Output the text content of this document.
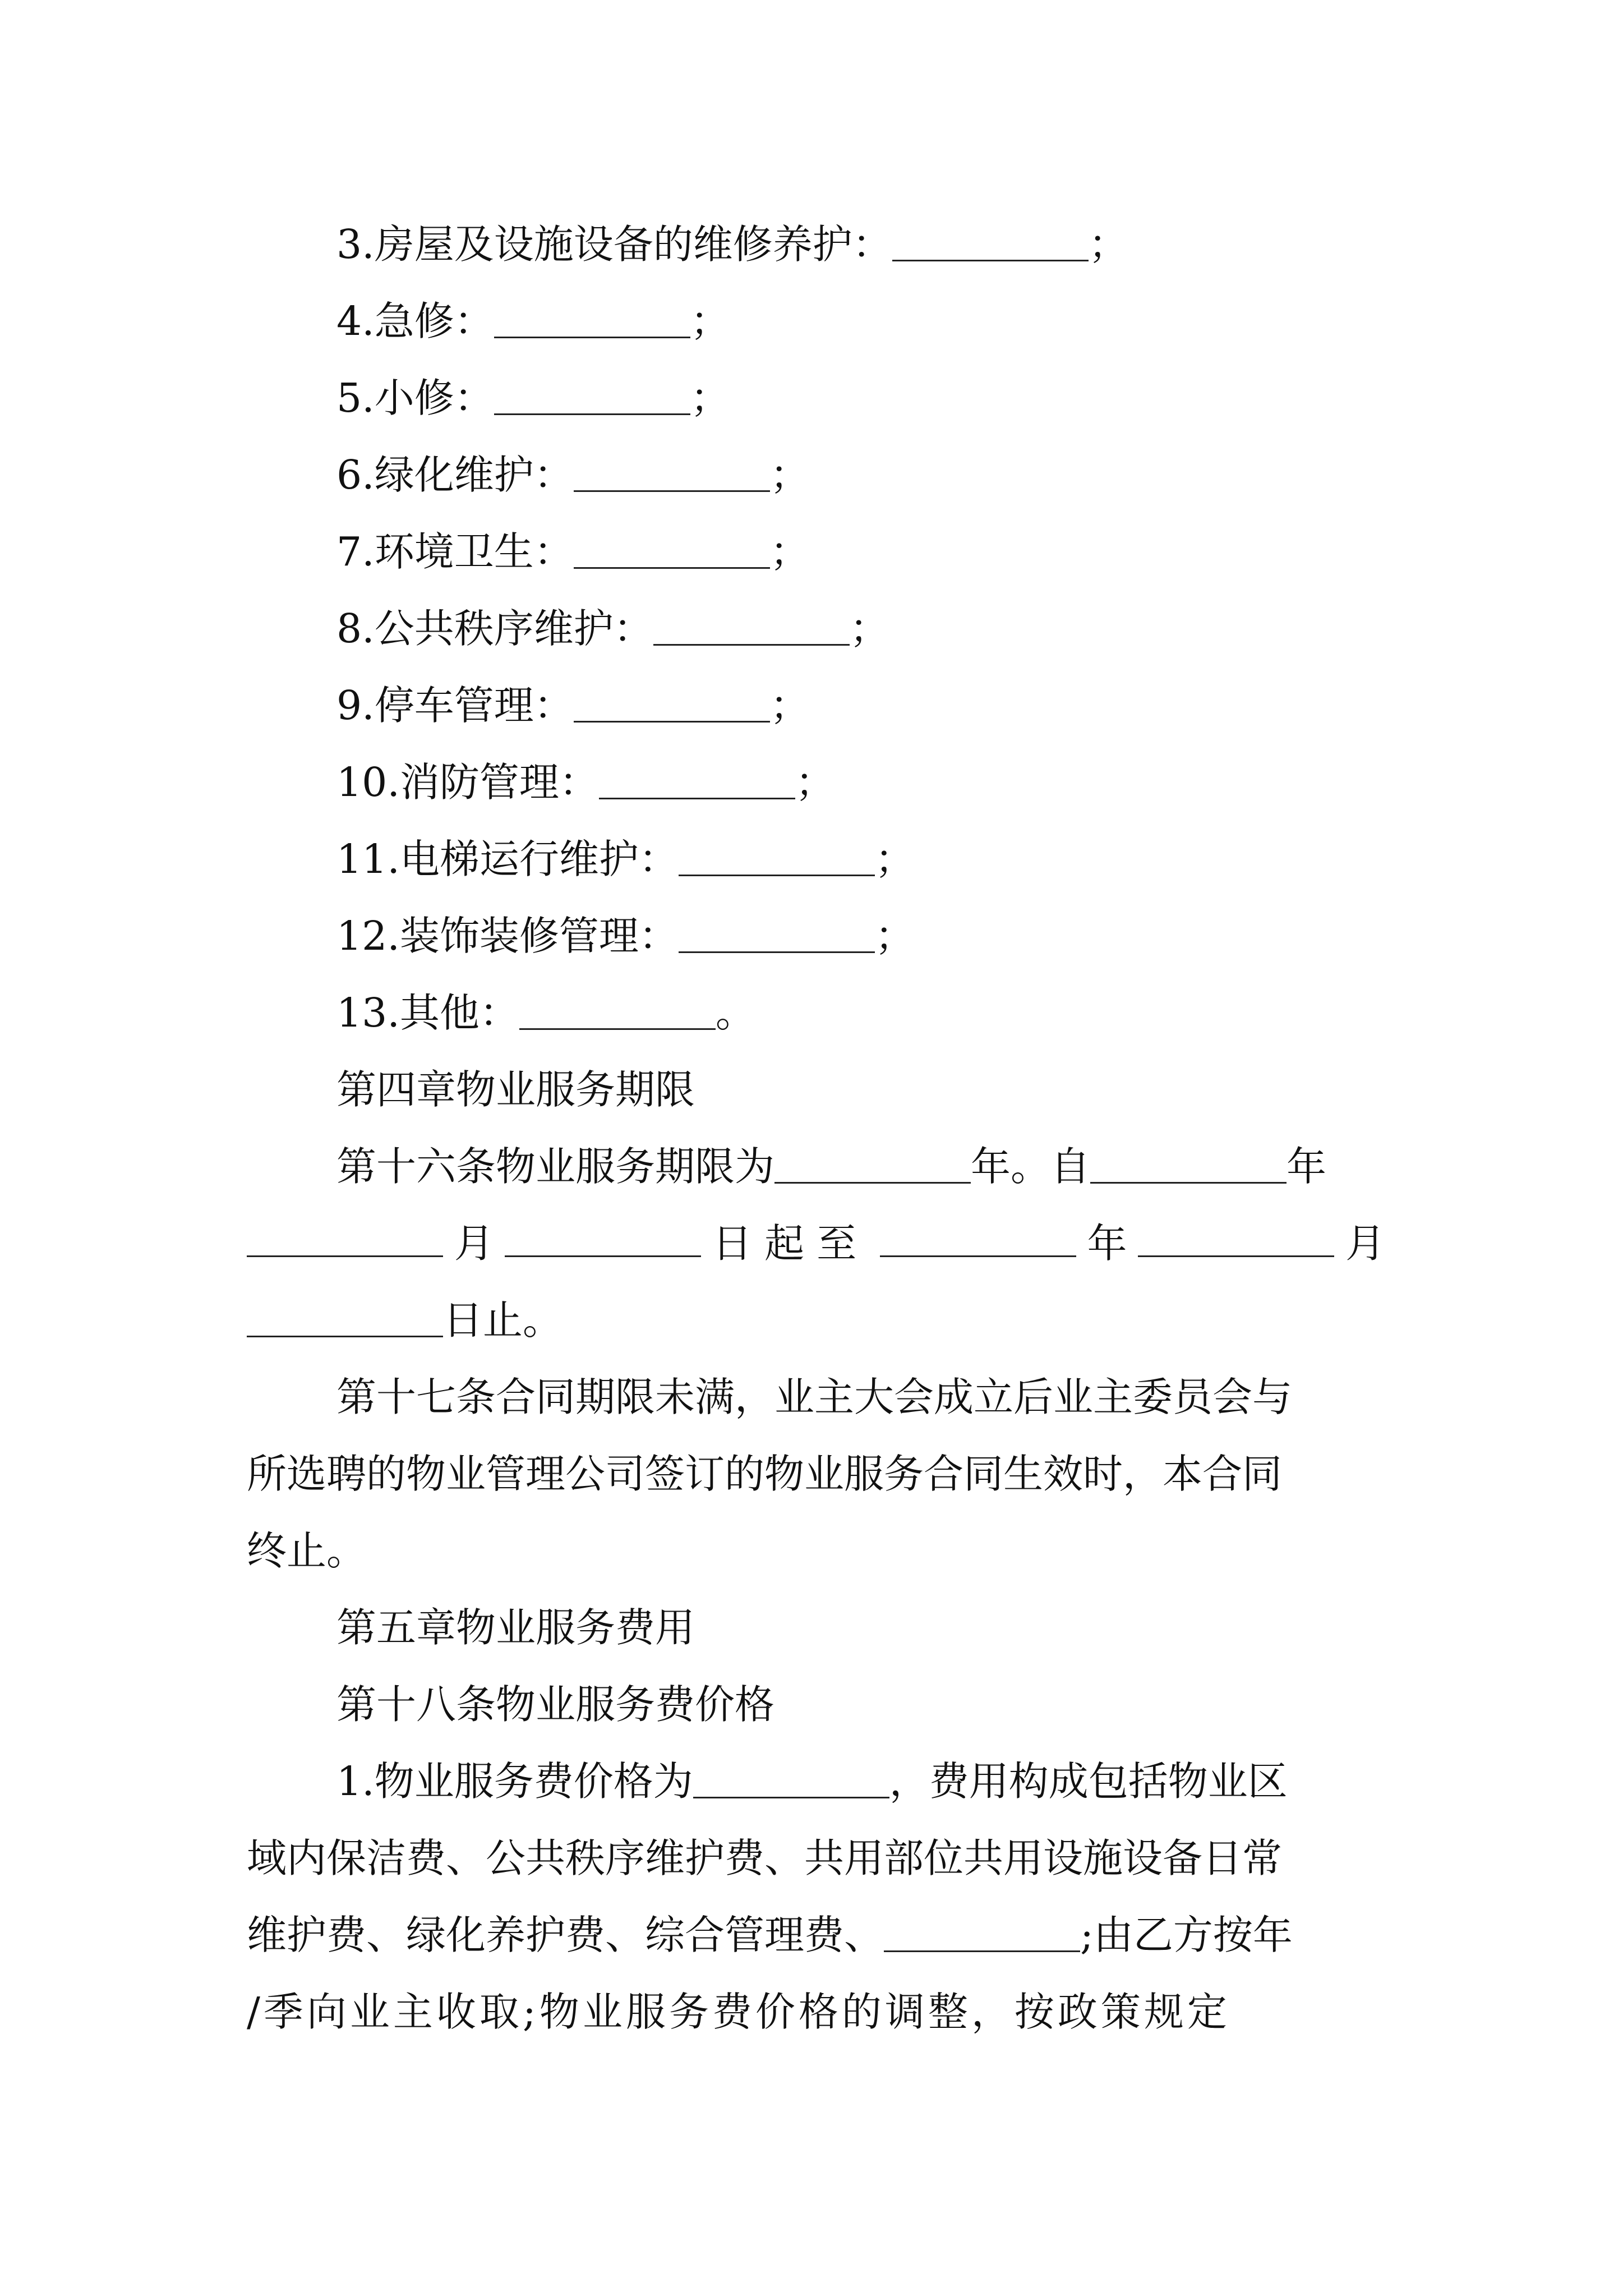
3.房屋及设施设备的维修养护：	；
4.急修：	；
5.小修：	；
6.绿化维护：	；
7.环境卫生：	；
8.公共秩序维护：	；
9.停车管理：	；
10.消防管理：	；
11.电梯运行维护：	；
12.装饰装修管理：	；
13.其他：	。
第四章物业服务期限
第十六条物业服务期限为	年。自	年
月	日起至	年	月
日止。
第十七条合同期限未满，业主大会成立后业主委员会与
所选聘的物业管理公司签订的物业服务合同生效时，本合同
终止。
第五章物业服务费用
第十八条物业服务费价格
1.物业服务费价格为	，费用构成包括物业区
域内保洁费、公共秩序维护费、共用部位共用设施设备日常
维护费、绿化养护费、综合管理费、	;由乙方按年
/季向业主收取;物业服务费价格的调整，按政策规定
